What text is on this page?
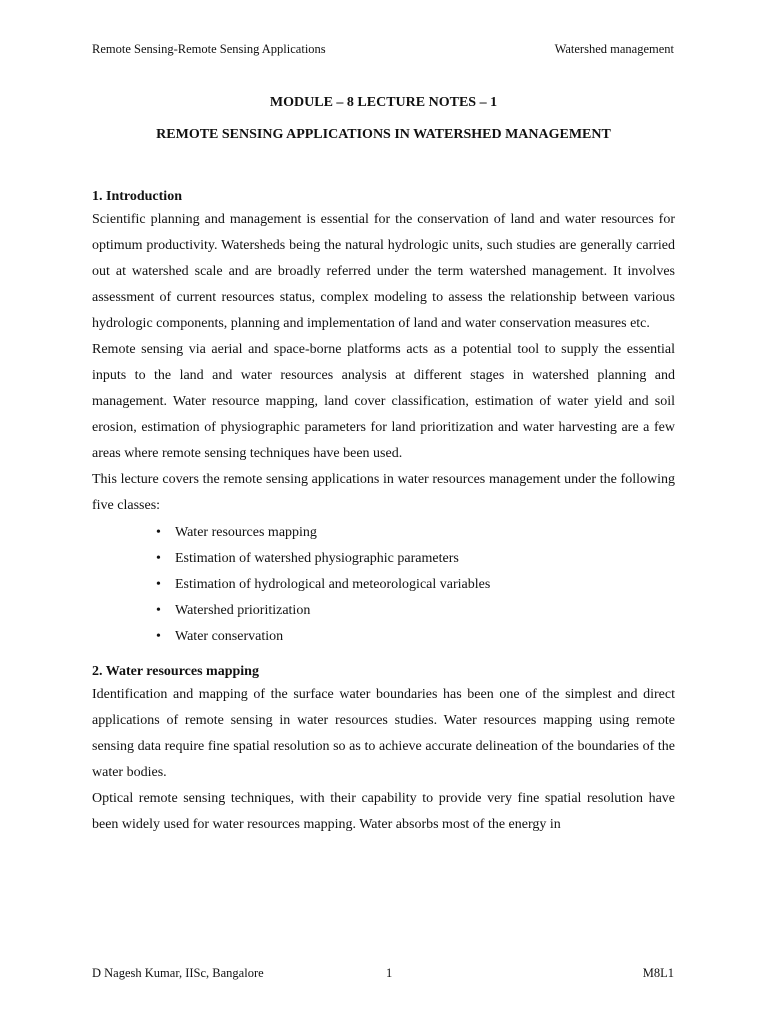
Remote Sensing-Remote Sensing Applications	Watershed management
MODULE – 8 LECTURE NOTES – 1
REMOTE SENSING APPLICATIONS IN WATERSHED MANAGEMENT
1. Introduction

Scientific planning and management is essential for the conservation of land and water resources for optimum productivity. Watersheds being the natural hydrologic units, such studies are generally carried out at watershed scale and are broadly referred under the term watershed management. It involves assessment of current resources status, complex modeling to assess the relationship between various hydrologic components, planning and implementation of land and water conservation measures etc.

Remote sensing via aerial and space-borne platforms acts as a potential tool to supply the essential inputs to the land and water resources analysis at different stages in watershed planning and management. Water resource mapping, land cover classification, estimation of water yield and soil erosion, estimation of physiographic parameters for land prioritization and water harvesting are a few areas where remote sensing techniques have been used.

This lecture covers the remote sensing applications in water resources management under the following five classes:

• Water resources mapping
• Estimation of watershed physiographic parameters
• Estimation of hydrological and meteorological variables
• Watershed prioritization
• Water conservation
2. Water resources mapping

Identification and mapping of the surface water boundaries has been one of the simplest and direct applications of remote sensing in water resources studies. Water resources mapping using remote sensing data require fine spatial resolution so as to achieve accurate delineation of the boundaries of the water bodies.

Optical remote sensing techniques, with their capability to provide very fine spatial resolution have been widely used for water resources mapping. Water absorbs most of the energy in

D Nagesh Kumar, IISc, Bangalore	1	M8L1
